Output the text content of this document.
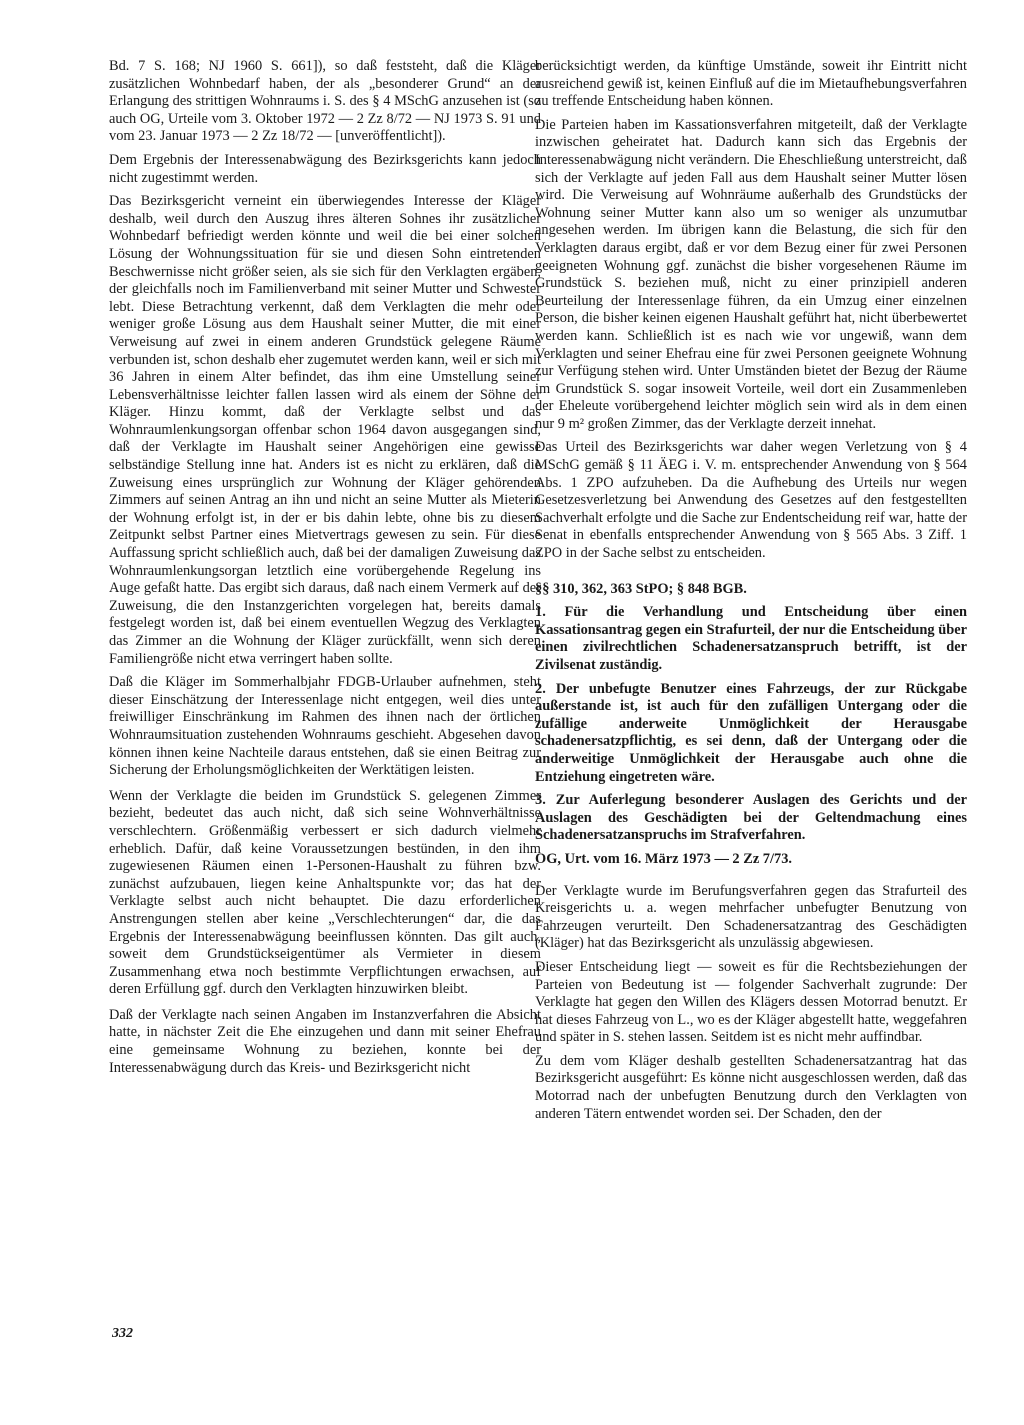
Bd. 7 S. 168; NJ 1960 S. 661]), so daß feststeht, daß die Kläger zusätzlichen Wohnbedarf haben, der als „besonderer Grund“ an der Erlangung des strittigen Wohnraums i. S. des § 4 MSchG anzusehen ist (so auch OG, Urteile vom 3. Oktober 1972 — 2 Zz 8/72 — NJ 1973 S. 91 und vom 23. Januar 1973 — 2 Zz 18/72 — [unveröffentlicht]).

Dem Ergebnis der Interessenabwägung des Bezirksgerichts kann jedoch nicht zugestimmt werden.

Das Bezirksgericht verneint ein überwiegendes Interesse der Kläger deshalb, weil durch den Auszug ihres älteren Sohnes ihr zusätzlicher Wohnbedarf befriedigt werden könnte und weil die bei einer solchen Lösung der Wohnungssituation für sie und diesen Sohn eintretenden Beschwernisse nicht größer seien, als sie sich für den Verklagten ergäben, der gleichfalls noch im Familienverband mit seiner Mutter und Schwester lebt. Diese Betrachtung verkennt, daß dem Verklagten die mehr oder weniger große Lösung aus dem Haushalt seiner Mutter, die mit einer Verweisung auf zwei in einem anderen Grundstück gelegene Räume verbunden ist, schon deshalb eher zugemutet werden kann, weil er sich mit 36 Jahren in einem Alter befindet, das ihm eine Umstellung seiner Lebensverhältnisse leichter fallen lassen wird als einem der Söhne der Kläger. Hinzu kommt, daß der Verklagte selbst und das Wohnraumlenkungsorgan offenbar schon 1964 davon ausgegangen sind, daß der Verklagte im Haushalt seiner Angehörigen eine gewisse selbständige Stellung inne hat. Anders ist es nicht zu erklären, daß die Zuweisung eines ursprünglich zur Wohnung der Kläger gehörenden Zimmers auf seinen Antrag an ihn und nicht an seine Mutter als Mieterin der Wohnung erfolgt ist, in der er bis dahin lebte, ohne bis zu diesem Zeitpunkt selbst Partner eines Mietvertrags gewesen zu sein. Für diese Auffassung spricht schließlich auch, daß bei der damaligen Zuweisung das Wohnraumlenkungsorgan letztlich eine vorübergehende Regelung ins Auge gefaßt hatte. Das ergibt sich daraus, daß nach einem Vermerk auf der Zuweisung, die den Instanzgerichten vorgelegen hat, bereits damals festgelegt worden ist, daß bei einem eventuellen Wegzug des Verklagten das Zimmer an die Wohnung der Kläger zurückfällt, wenn sich deren Familiengröße nicht etwa verringert haben sollte.

Daß die Kläger im Sommerhalbjahr FDGB-Urlauber aufnehmen, steht dieser Einschätzung der Interessenlage nicht entgegen, weil dies unter freiwilliger Einschränkung im Rahmen des ihnen nach der örtlichen Wohnraumsituation zustehenden Wohnraums geschieht. Abgesehen davon können ihnen keine Nachteile daraus entstehen, daß sie einen Beitrag zur Sicherung der Erholungsmöglichkeiten der Werktätigen leisten.

Wenn der Verklagte die beiden im Grundstück S. gelegenen Zimmer bezieht, bedeutet das auch nicht, daß sich seine Wohnverhältnisse verschlechtern. Größenmäßig verbessert er sich dadurch vielmehr erheblich. Dafür, daß keine Voraussetzungen bestünden, in den ihm zugewiesenen Räumen einen 1-Personen-Haushalt zu führen bzw. zunächst aufzubauen, liegen keine Anhaltspunkte vor; das hat der Verklagte selbst auch nicht behauptet. Die dazu erforderlichen Anstrengungen stellen aber keine „Verschlechterungen“ dar, die das Ergebnis der Interessenabwägung beeinflussen könnten. Das gilt auch, soweit dem Grundstückseigentümer als Vermieter in diesem Zusammenhang etwa noch bestimmte Verpflichtungen erwachsen, auf deren Erfüllung ggf. durch den Verklagten hinzuwirken bleibt.

Daß der Verklagte nach seinen Angaben im Instanzverfahren die Absicht hatte, in nächster Zeit die Ehe einzugehen und dann mit seiner Ehefrau eine gemeinsame Wohnung zu beziehen, konnte bei der Interessenabwägung durch das Kreis- und Bezirksgericht nicht

berücksichtigt werden, da künftige Umstände, soweit ihr Eintritt nicht ausreichend gewiß ist, keinen Einfluß auf die im Mietaufhebungsverfahren zu treffende Entscheidung haben können.

Die Parteien haben im Kassationsverfahren mitgeteilt, daß der Verklagte inzwischen geheiratet hat. Dadurch kann sich das Ergebnis der Interessenabwägung nicht verändern. Die Eheschließung unterstreicht, daß sich der Verklagte auf jeden Fall aus dem Haushalt seiner Mutter lösen wird. Die Verweisung auf Wohnräume außerhalb des Grundstücks der Wohnung seiner Mutter kann also um so weniger als unzumutbar angesehen werden. Im übrigen kann die Belastung, die sich für den Verklagten daraus ergibt, daß er vor dem Bezug einer für zwei Personen geeigneten Wohnung ggf. zunächst die bisher vorgesehenen Räume im Grundstück S. beziehen muß, nicht zu einer prinzipiell anderen Beurteilung der Interessenlage führen, da ein Umzug einer einzelnen Person, die bisher keinen eigenen Haushalt geführt hat, nicht überbewertet werden kann. Schließlich ist es nach wie vor ungewiß, wann dem Verklagten und seiner Ehefrau eine für zwei Personen geeignete Wohnung zur Verfügung stehen wird. Unter Umständen bietet der Bezug der Räume im Grundstück S. sogar insoweit Vorteile, weil dort ein Zusammenleben der Eheleute vorübergehend leichter möglich sein wird als in dem einen nur 9 m² großen Zimmer, das der Verklagte derzeit innehat.

Das Urteil des Bezirksgerichts war daher wegen Verletzung von § 4 MSchG gemäß § 11 ÄEG i. V. m. entsprechender Anwendung von § 564 Abs. 1 ZPO aufzuheben. Da die Aufhebung des Urteils nur wegen Gesetzesverletzung bei Anwendung des Gesetzes auf den festgestellten Sachverhalt erfolgte und die Sache zur Endentscheidung reif war, hatte der Senat in ebenfalls entsprechender Anwendung von § 565 Abs. 3 Ziff. 1 ZPO in der Sache selbst zu entscheiden.

§§ 310, 362, 363 StPO; § 848 BGB.

1. Für die Verhandlung und Entscheidung über einen Kassationsantrag gegen ein Strafurteil, der nur die Entscheidung über einen zivilrechtlichen Schadenersatzanspruch betrifft, ist der Zivilsenat zuständig.

2. Der unbefugte Benutzer eines Fahrzeugs, der zur Rückgabe außerstande ist, ist auch für den zufälligen Untergang oder die zufällige anderweite Unmöglichkeit der Herausgabe schadenersatzpflichtig, es sei denn, daß der Untergang oder die anderweitige Unmöglichkeit der Herausgabe auch ohne die Entziehung eingetreten wäre.

3. Zur Auferlegung besonderer Auslagen des Gerichts und der Auslagen des Geschädigten bei der Geltendmachung eines Schadenersatzanspruchs im Strafverfahren.

OG, Urt. vom 16. März 1973 — 2 Zz 7/73.

Der Verklagte wurde im Berufungsverfahren gegen das Strafurteil des Kreisgerichts u. a. wegen mehrfacher unbefugter Benutzung von Fahrzeugen verurteilt. Den Schadenersatzantrag des Geschädigten (Kläger) hat das Bezirksgericht als unzulässig abgewiesen.

Dieser Entscheidung liegt — soweit es für die Rechtsbeziehungen der Parteien von Bedeutung ist — folgender Sachverhalt zugrunde: Der Verklagte hat gegen den Willen des Klägers dessen Motorrad benutzt. Er hat dieses Fahrzeug von L., wo es der Kläger abgestellt hatte, weggefahren und später in S. stehen lassen. Seitdem ist es nicht mehr auffindbar.

Zu dem vom Kläger deshalb gestellten Schadenersatzantrag hat das Bezirksgericht ausgeführt: Es könne nicht ausgeschlossen werden, daß das Motorrad nach der unbefugten Benutzung durch den Verklagten von anderen Tätern entwendet worden sei. Der Schaden, den der

332
